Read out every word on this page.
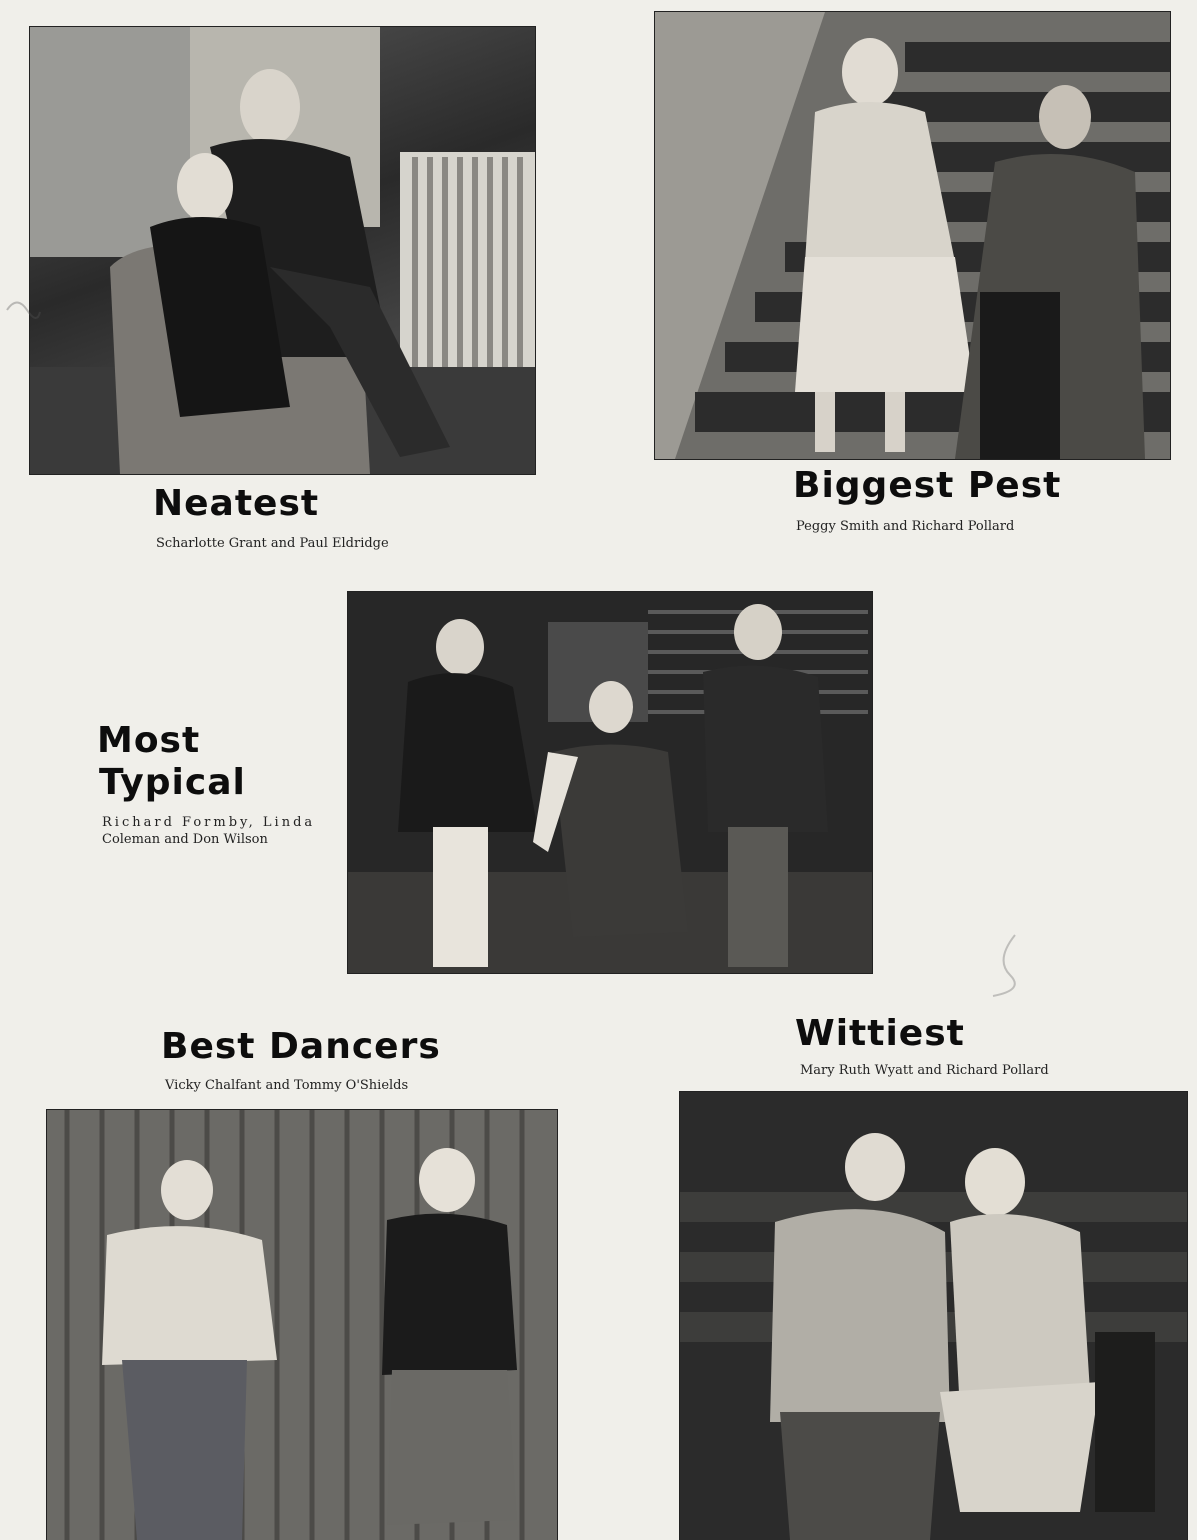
Neatest
Scharlotte Grant and Paul Eldridge
Biggest Pest
Peggy Smith and Richard Pollard
Most
Typical
Richard Formby, Linda
Coleman and Don Wilson
Best Dancers
Vicky Chalfant and Tommy O'Shields
Wittiest
Mary Ruth Wyatt and Richard Pollard
